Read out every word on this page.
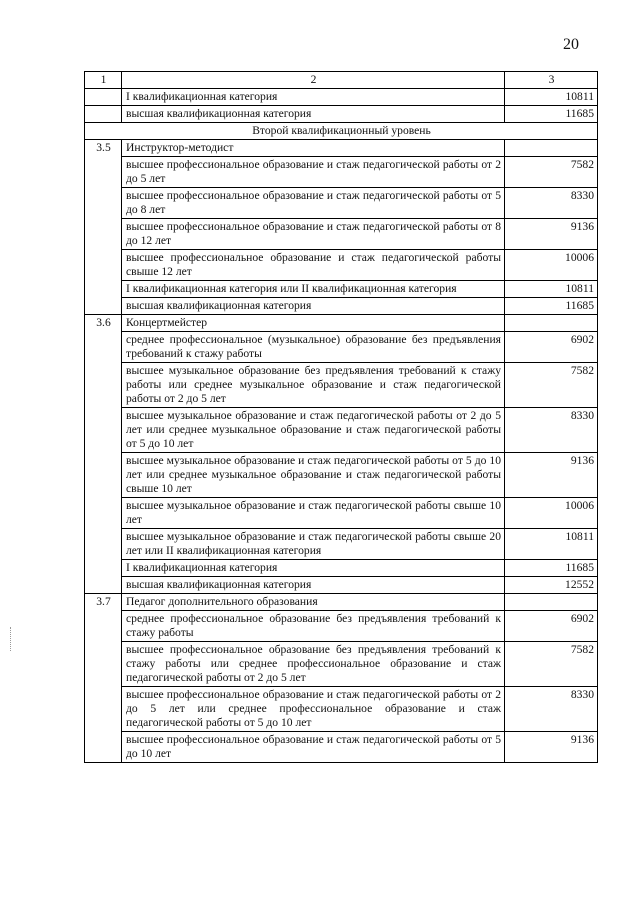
20
1	2	3
	I квалификационная категория	10811
	высшая квалификационная категория	11685
Второй квалификационный уровень		
3.5	Инструктор-методист	
	высшее профессиональное образование и стаж педагогической работы от 2 до 5 лет	7582
	высшее профессиональное образование и стаж педагогической работы от 5 до 8 лет	8330
	высшее профессиональное образование и стаж педагогической работы от 8 до 12 лет	9136
	высшее профессиональное образование и стаж педагогической работы свыше 12 лет	10006
	I квалификационная категория или II квалификационная категория	10811
	высшая квалификационная категория	11685
3.6	Концертмейстер	
	среднее профессиональное (музыкальное) образование без предъявления требований к стажу работы	6902
	высшее музыкальное образование без предъявления требований к стажу работы или среднее музыкальное образование и стаж педагогической работы от 2 до 5 лет	7582
	высшее музыкальное образование и стаж педагогической работы от 2 до 5 лет или среднее музыкальное образование и стаж педагогической работы от 5 до 10 лет	8330
	высшее музыкальное образование и стаж педагогической работы от 5 до 10 лет или среднее музыкальное образование и стаж педагогической работы свыше 10 лет	9136
	высшее музыкальное образование и стаж педагогической работы свыше 10 лет	10006
	высшее музыкальное образование и стаж педагогической работы свыше 20 лет или II квалификационная категория	10811
	I квалификационная категория	11685
	высшая квалификационная категория	12552
3.7	Педагог дополнительного образования	
	среднее профессиональное образование без предъявления требований к стажу работы	6902
	высшее профессиональное образование без предъявления требований к стажу работы или среднее профессиональное образование и стаж педагогической работы от 2 до 5 лет	7582
	высшее профессиональное образование и стаж педагогической работы от 2 до 5 лет или среднее профессиональное образование и стаж педагогической работы от 5 до 10 лет	8330
	высшее профессиональное образование и стаж педагогической работы от 5 до 10 лет	9136
